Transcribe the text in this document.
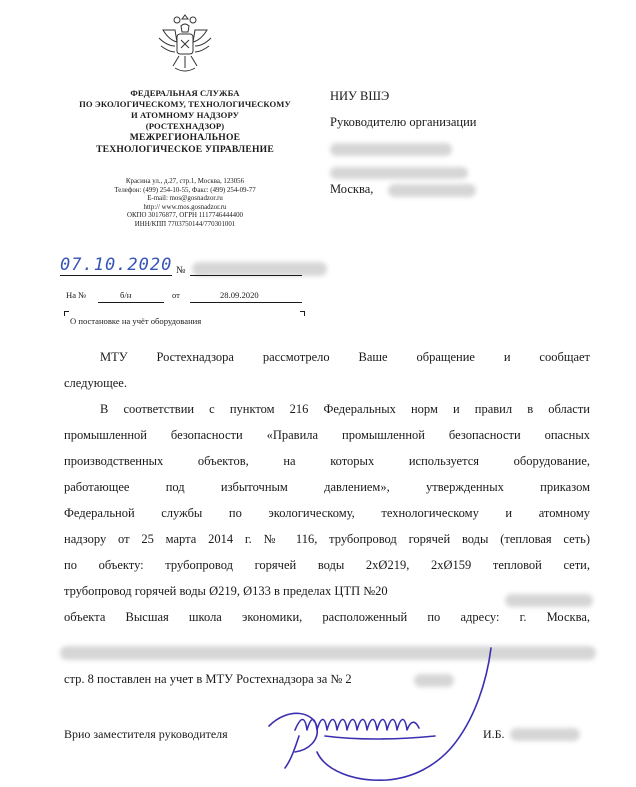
ФЕДЕРАЛЬНАЯ СЛУЖБА
ПО ЭКОЛОГИЧЕСКОМУ, ТЕХНОЛОГИЧЕСКОМУ
И АТОМНОМУ НАДЗОРУ
(РОСТЕХНАДЗОР)
МЕЖРЕГИОНАЛЬНОЕ
ТЕХНОЛОГИЧЕСКОЕ УПРАВЛЕНИЕ
Красина ул., д.27, стр.1, Москва, 123056
Телефон: (499) 254-10-55, Факс: (499) 254-09-77
E-mail: mos@gosnadzor.ru
http:// www.mos.gosnadzor.ru
ОКПО 30176877, ОГРН 1117746444400
ИНН/КПП 7703750144/770301001
НИУ ВШЭ
Руководителю организации
Москва,
07.10.2020 №
На №	б/н	от	28.09.2020
О постановке на учёт оборудования
МТУ Ростехнадзора рассмотрело Ваше обращение и сообщает
следующее.
В соответствии с пунктом 216 Федеральных норм и правил в области
промышленной безопасности «Правила промышленной безопасности опасных
производственных объектов, на которых используется оборудование,
работающее под избыточным давлением», утвержденных приказом
Федеральной службы по экологическому, технологическому и атомному
надзору от 25 марта 2014 г. № 116, трубопровод горячей воды (тепловая сеть)
по объекту: трубопровод горячей воды 2хØ219, 2хØ159 тепловой сети,
трубопровод горячей воды Ø219, Ø133 в пределах ЦТП №20
объекта Высшая школа экономики, расположенный по адресу: г. Москва,
стр. 8 поставлен на учет в МТУ Ростехнадзора за № 2
Врио заместителя руководителя	И.Б.
